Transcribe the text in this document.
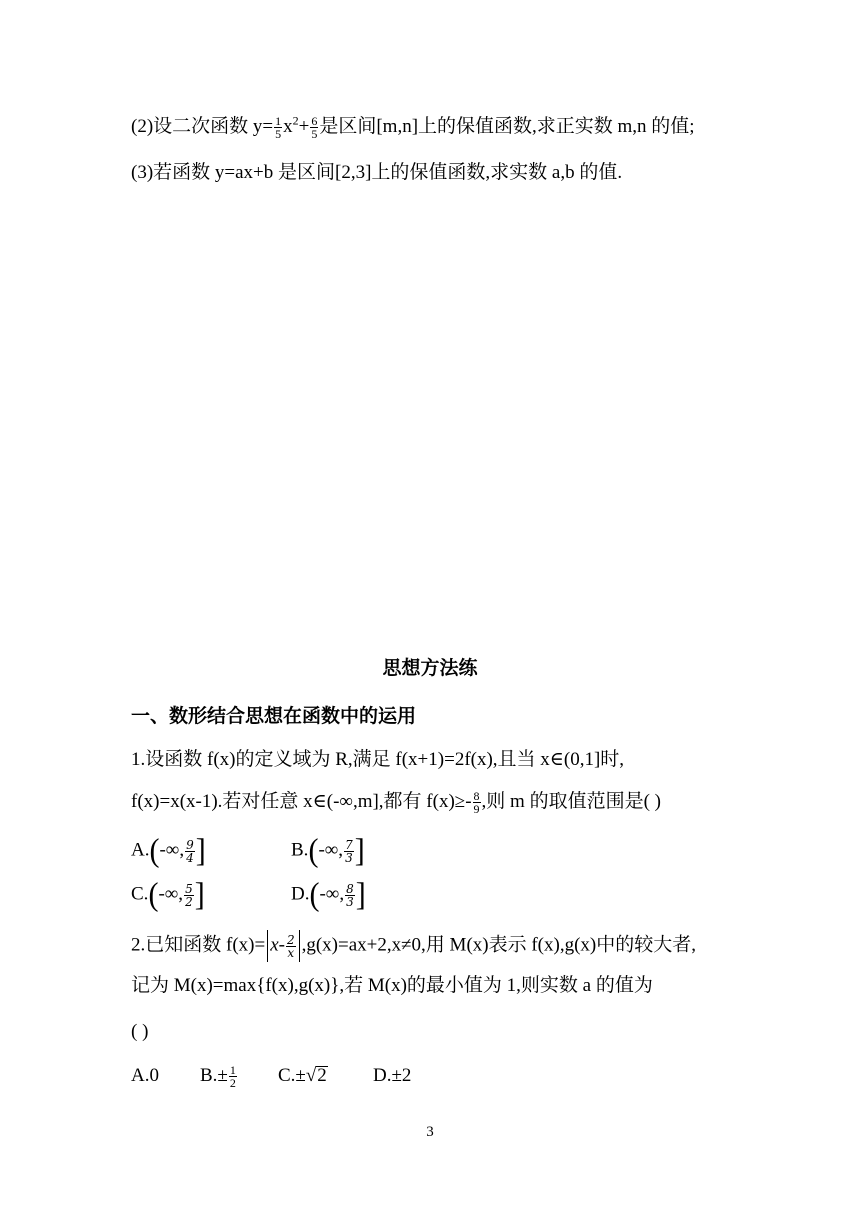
(2)设二次函数 $y= \frac{1}{5} x^2+ \frac{6}{5}$ 是区间[m,n]上的保值函数,求正实数 m,n 的值;
(3)若函数 y=ax+b 是区间[2,3]上的保值函数,求实数 a,b 的值.
思想方法练
一、数形结合思想在函数中的运用
1.设函数 f(x)的定义域为 R,满足 f(x+1)=2f(x),且当 x∈(0,1]时,
f(x)=x(x-1).若对任意 x∈(-∞,m],都有 $f(x)\ge- \frac{8}{9}$ ,则 m 的取值范围是( )
A.(-∞, $\frac{9}{4}$ ]	B.(-∞, $\frac{7}{3}$ ]
C.(-∞, $\frac{5}{2}$ ]	D.(-∞, $\frac{8}{3}$ ]
2.已知函数 $f(x)= x- \frac{2}{x} ,g(x)=ax+2,x\ne 0$,用 M(x)表示 f(x),g(x)中的较大者,
记为 M(x)=max{f(x),g(x)},若 M(x)的最小值为 1,则实数 a 的值为
( )
A.0 $B.\pm \frac{1}{2} C.\pm√2$ D.±2
3
